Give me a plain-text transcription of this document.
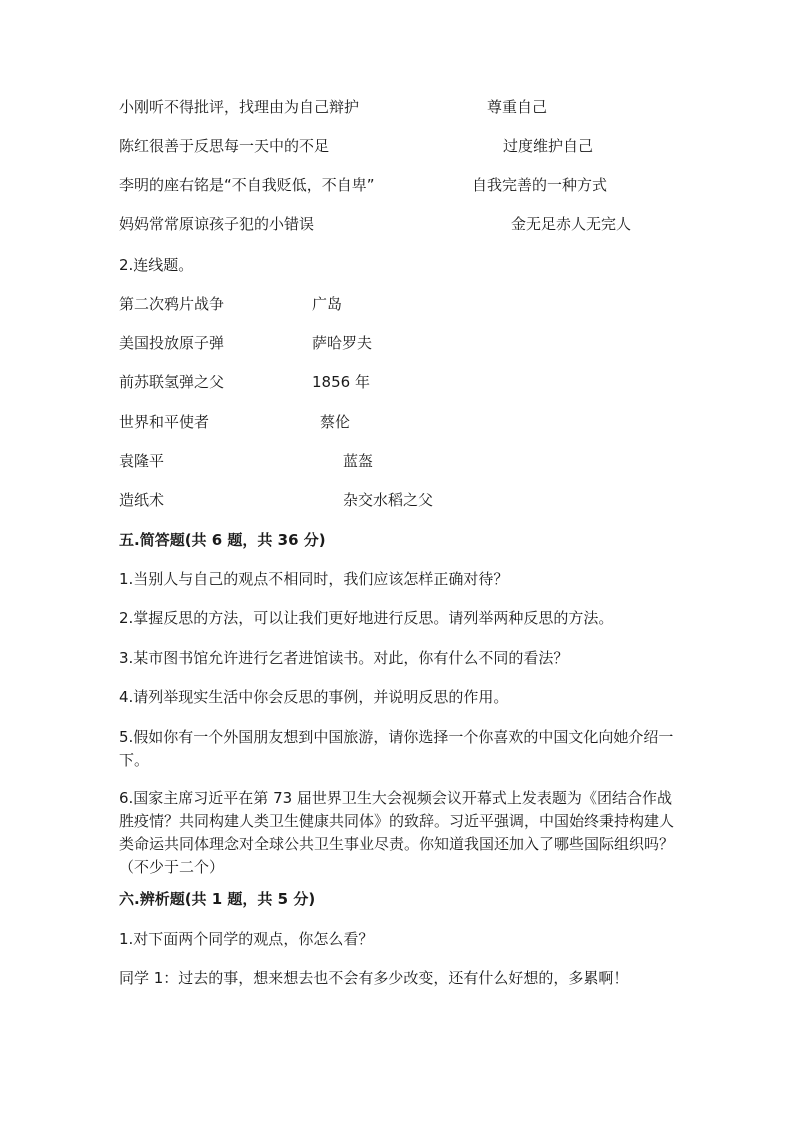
小刚听不得批评，找理由为自己辩护	尊重自己
陈红很善于反思每一天中的不足	过度维护自己
李明的座右铭是“不自我贬低，不自卑”	自我完善的一种方式
妈妈常常原谅孩子犯的小错误	金无足赤人无完人
2.连线题。
第二次鸦片战争	广岛
美国投放原子弹	萨哈罗夫
前苏联氢弹之父	1856 年
世界和平使者	蔡伦
袁隆平	蓝盔
造纸术	杂交水稻之父
五.简答题(共 6 题，共 36 分)
1.当别人与自己的观点不相同时，我们应该怎样正确对待？
2.掌握反思的方法，可以让我们更好地进行反思。请列举两种反思的方法。
3.某市图书馆允许进行乞者进馆读书。对此，你有什么不同的看法？
4.请列举现实生活中你会反思的事例，并说明反思的作用。
5.假如你有一个外国朋友想到中国旅游，请你选择一个你喜欢的中国文化向她介绍一下。
6.国家主席习近平在第 73 届世界卫生大会视频会议开幕式上发表题为《团结合作战胜疫情？共同构建人类卫生健康共同体》的致辞。习近平强调，中国始终秉持构建人类命运共同体理念对全球公共卫生事业尽责。你知道我国还加入了哪些国际组织吗？（不少于二个）
六.辨析题(共 1 题，共 5 分)
1.对下面两个同学的观点，你怎么看？
同学 1：过去的事，想来想去也不会有多少改变，还有什么好想的，多累啊！
